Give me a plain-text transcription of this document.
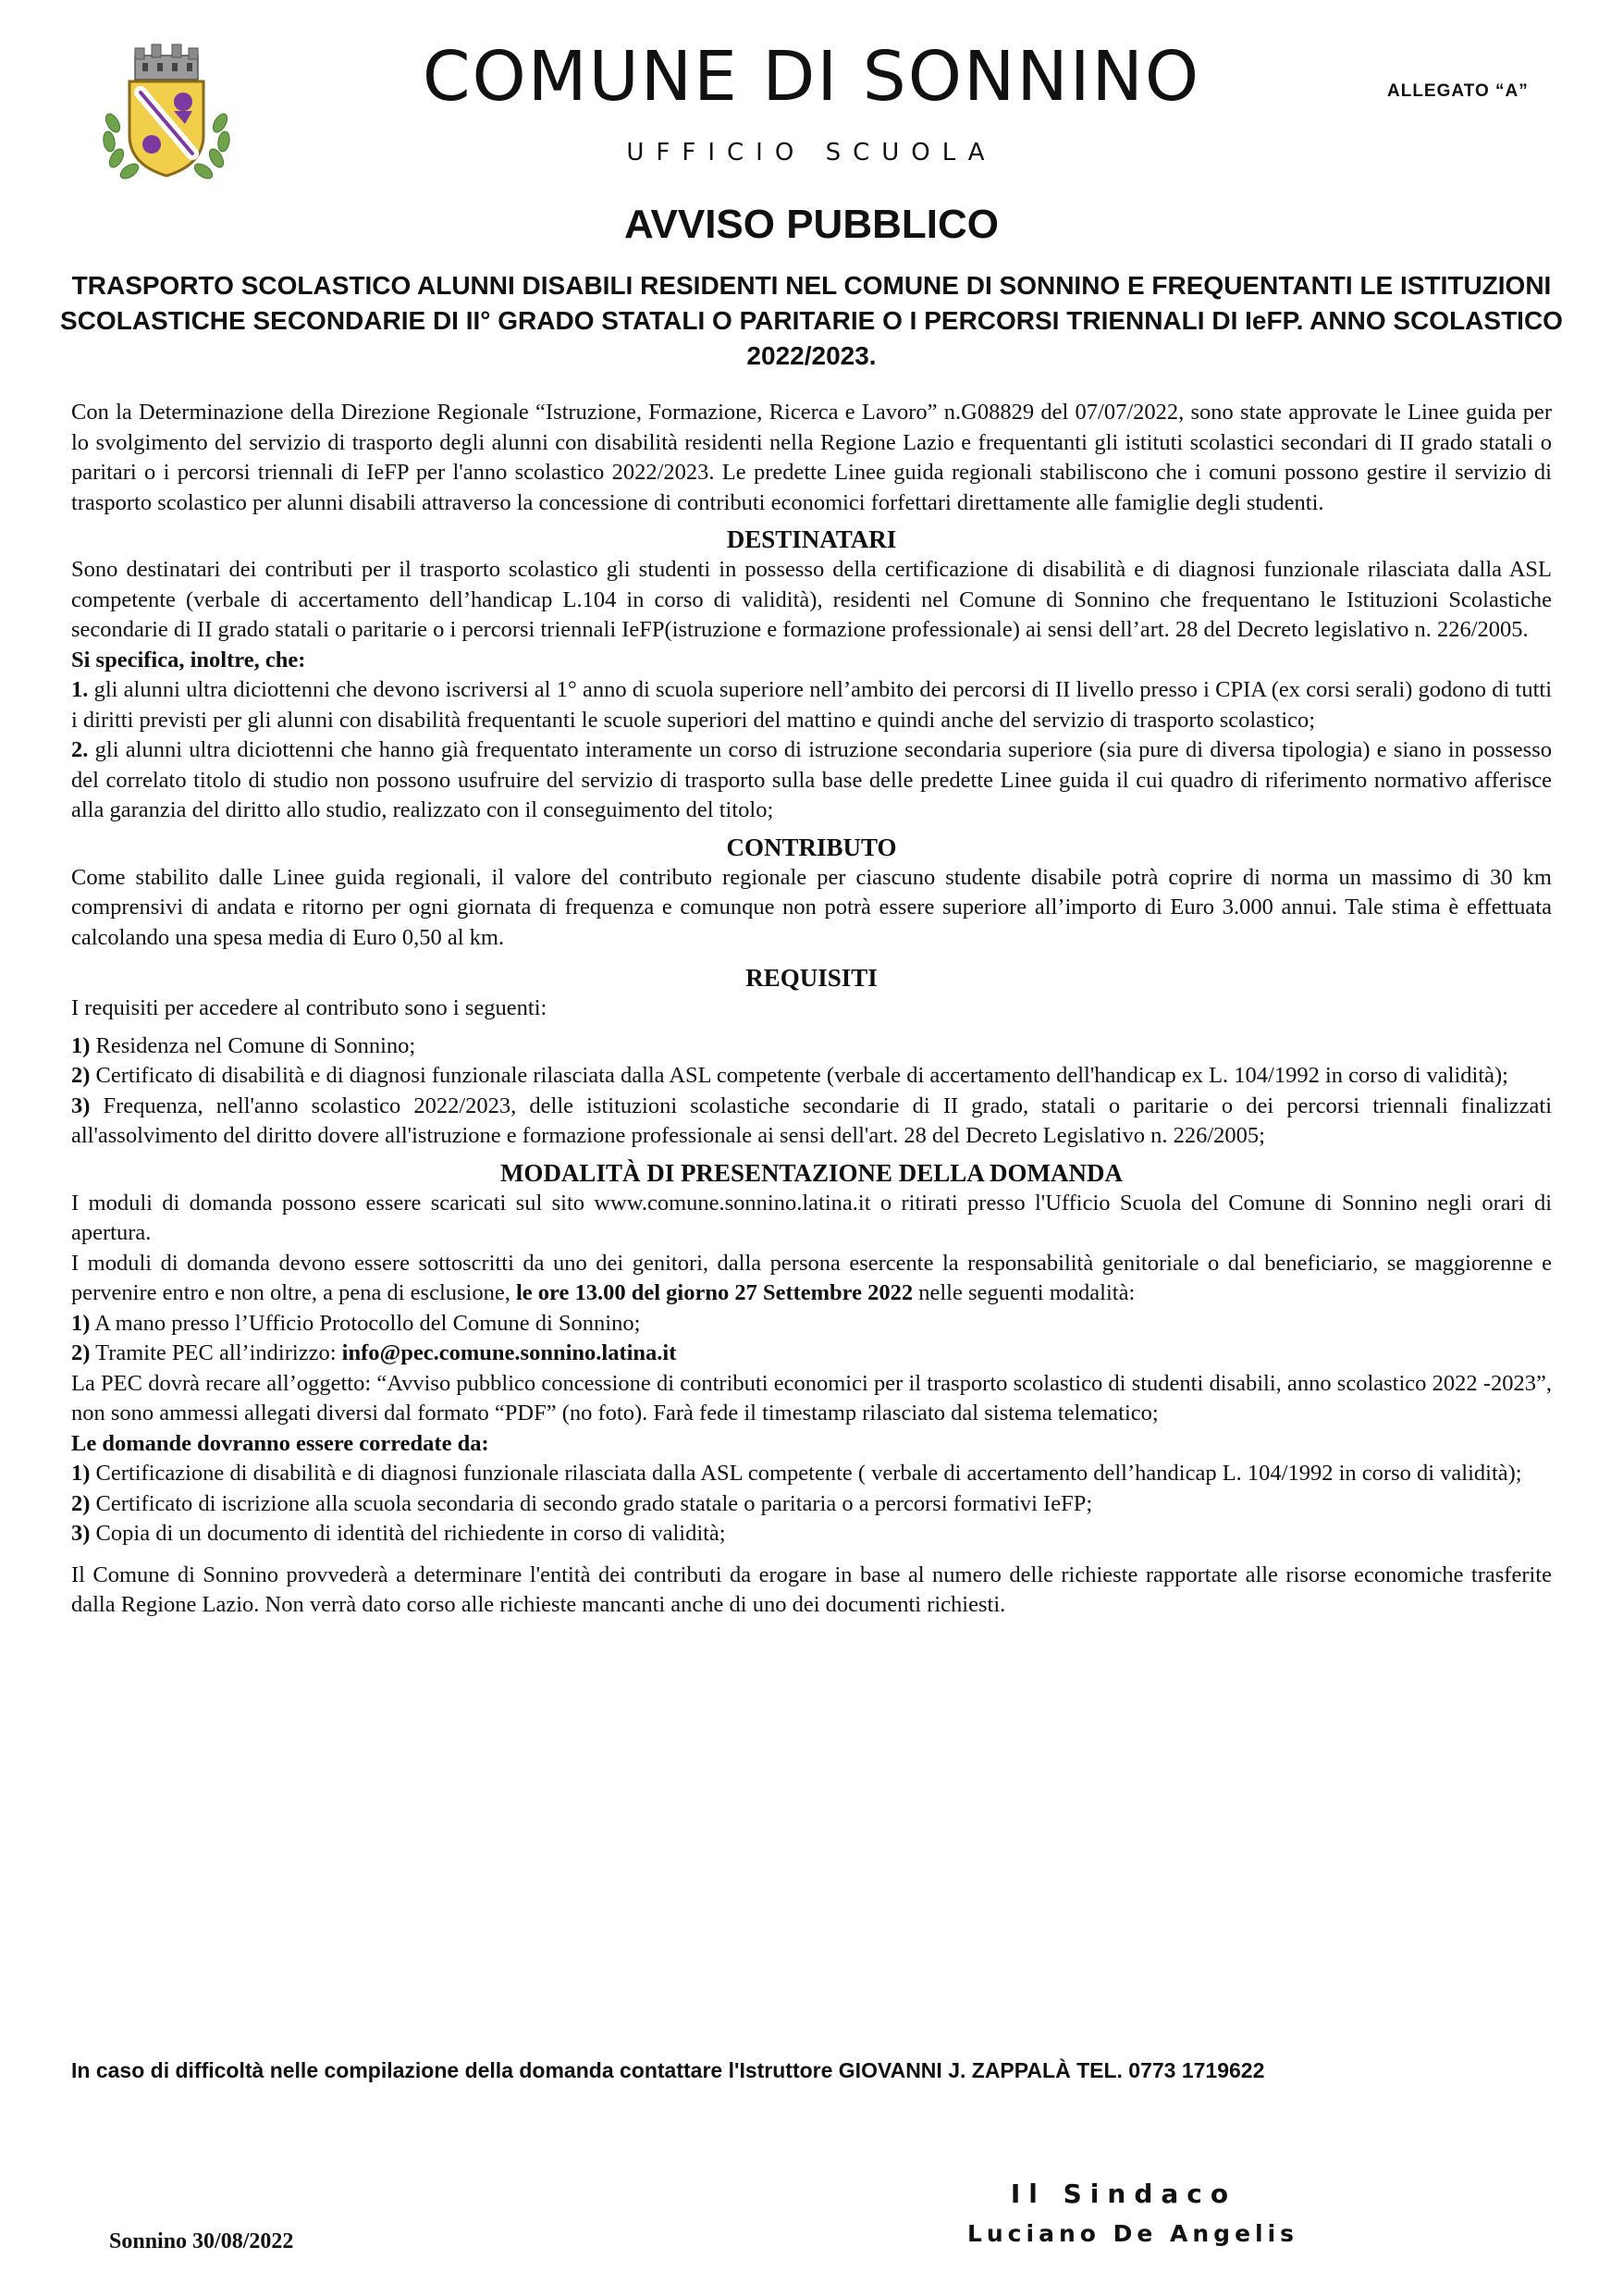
COMUNE DI SONNINO	ALLEGATO “A”
UFFICIO SCUOLA
AVVISO PUBBLICO
TRASPORTO SCOLASTICO ALUNNI DISABILI RESIDENTI NEL COMUNE DI SONNINO E FREQUENTANTI LE ISTITUZIONI SCOLASTICHE SECONDARIE DI II° GRADO STATALI O PARITARIE O I PERCORSI TRIENNALI DI IeFP. ANNO SCOLASTICO 2022/2023.

Con la Determinazione della Direzione Regionale “Istruzione, Formazione, Ricerca e Lavoro” n.G08829 del 07/07/2022, sono state approvate le Linee guida per lo svolgimento del servizio di trasporto degli alunni con disabilità residenti nella Regione Lazio e frequentanti gli istituti scolastici secondari di II grado statali o paritari o i percorsi triennali di IeFP per l'anno scolastico 2022/2023. Le predette Linee guida regionali stabiliscono che i comuni possono gestire il servizio di trasporto scolastico per alunni disabili attraverso la concessione di contributi economici forfettari direttamente alle famiglie degli studenti.

DESTINATARI

Sono destinatari dei contributi per il trasporto scolastico gli studenti in possesso della certificazione di disabilità e di diagnosi funzionale rilasciata dalla ASL competente (verbale di accertamento dell’handicap L.104 in corso di validità), residenti nel Comune di Sonnino che frequentano le Istituzioni Scolastiche secondarie di II grado statali o paritarie o i percorsi triennali IeFP(istruzione e formazione professionale) ai sensi dell’art. 28 del Decreto legislativo n. 226/2005.

Si specifica, inoltre, che:

1. gli alunni ultra diciottenni che devono iscriversi al 1° anno di scuola superiore nell’ambito dei percorsi di II livello presso i CPIA (ex corsi serali) godono di tutti i diritti previsti per gli alunni con disabilità frequentanti le scuole superiori del mattino e quindi anche del servizio di trasporto scolastico;

2. gli alunni ultra diciottenni che hanno già frequentato interamente un corso di istruzione secondaria superiore (sia pure di diversa tipologia) e siano in possesso del correlato titolo di studio non possono usufruire del servizio di trasporto sulla base delle predette Linee guida il cui quadro di riferimento normativo afferisce alla garanzia del diritto allo studio, realizzato con il conseguimento del titolo;

CONTRIBUTO

Come stabilito dalle Linee guida regionali, il valore del contributo regionale per ciascuno studente disabile potrà coprire di norma un massimo di 30 km comprensivi di andata e ritorno per ogni giornata di frequenza e comunque non potrà essere superiore all’importo di Euro 3.000 annui. Tale stima è effettuata calcolando una spesa media di Euro 0,50 al km.

REQUISITI

I requisiti per accedere al contributo sono i seguenti:

1) Residenza nel Comune di Sonnino;

2) Certificato di disabilità e di diagnosi funzionale rilasciata dalla ASL competente (verbale di accertamento dell'handicap ex L. 104/1992 in corso di validità);

3) Frequenza, nell'anno scolastico 2022/2023, delle istituzioni scolastiche secondarie di II grado, statali o paritarie o dei percorsi triennali finalizzati all'assolvimento del diritto dovere all'istruzione e formazione professionale ai sensi dell'art. 28 del Decreto Legislativo n. 226/2005;

MODALITÀ DI PRESENTAZIONE DELLA DOMANDA

I moduli di domanda possono essere scaricati sul sito www.comune.sonnino.latina.it o ritirati presso l'Ufficio Scuola del Comune di Sonnino negli orari di apertura.

I moduli di domanda devono essere sottoscritti da uno dei genitori, dalla persona esercente la responsabilità genitoriale o dal beneficiario, se maggiorenne e pervenire entro e non oltre, a pena di esclusione, le ore 13.00 del giorno 27 Settembre 2022 nelle seguenti modalità:

1) A mano presso l’Ufficio Protocollo del Comune di Sonnino;

2) Tramite PEC all’indirizzo: info@pec.comune.sonnino.latina.it

La PEC dovrà recare all’oggetto: “Avviso pubblico concessione di contributi economici per il trasporto scolastico di studenti disabili, anno scolastico 2022 -2023”, non sono ammessi allegati diversi dal formato “PDF” (no foto). Farà fede il timestamp rilasciato dal sistema telematico;

Le domande dovranno essere corredate da:

1) Certificazione di disabilità e di diagnosi funzionale rilasciata dalla ASL competente ( verbale di accertamento dell’handicap L. 104/1992 in corso di validità);

2) Certificato di iscrizione alla scuola secondaria di secondo grado statale o paritaria o a percorsi formativi IeFP;

3) Copia di un documento di identità del richiedente in corso di validità;

Il Comune di Sonnino provvederà a determinare l'entità dei contributi da erogare in base al numero delle richieste rapportate alle risorse economiche trasferite dalla Regione Lazio. Non verrà dato corso alle richieste mancanti anche di uno dei documenti richiesti.

In caso di difficoltà nelle compilazione della domanda contattare l'Istruttore GIOVANNI J. ZAPPALÀ TEL. 0773 1719622
Sonnino 30/08/2022
Il Sindaco
Luciano De Angelis
